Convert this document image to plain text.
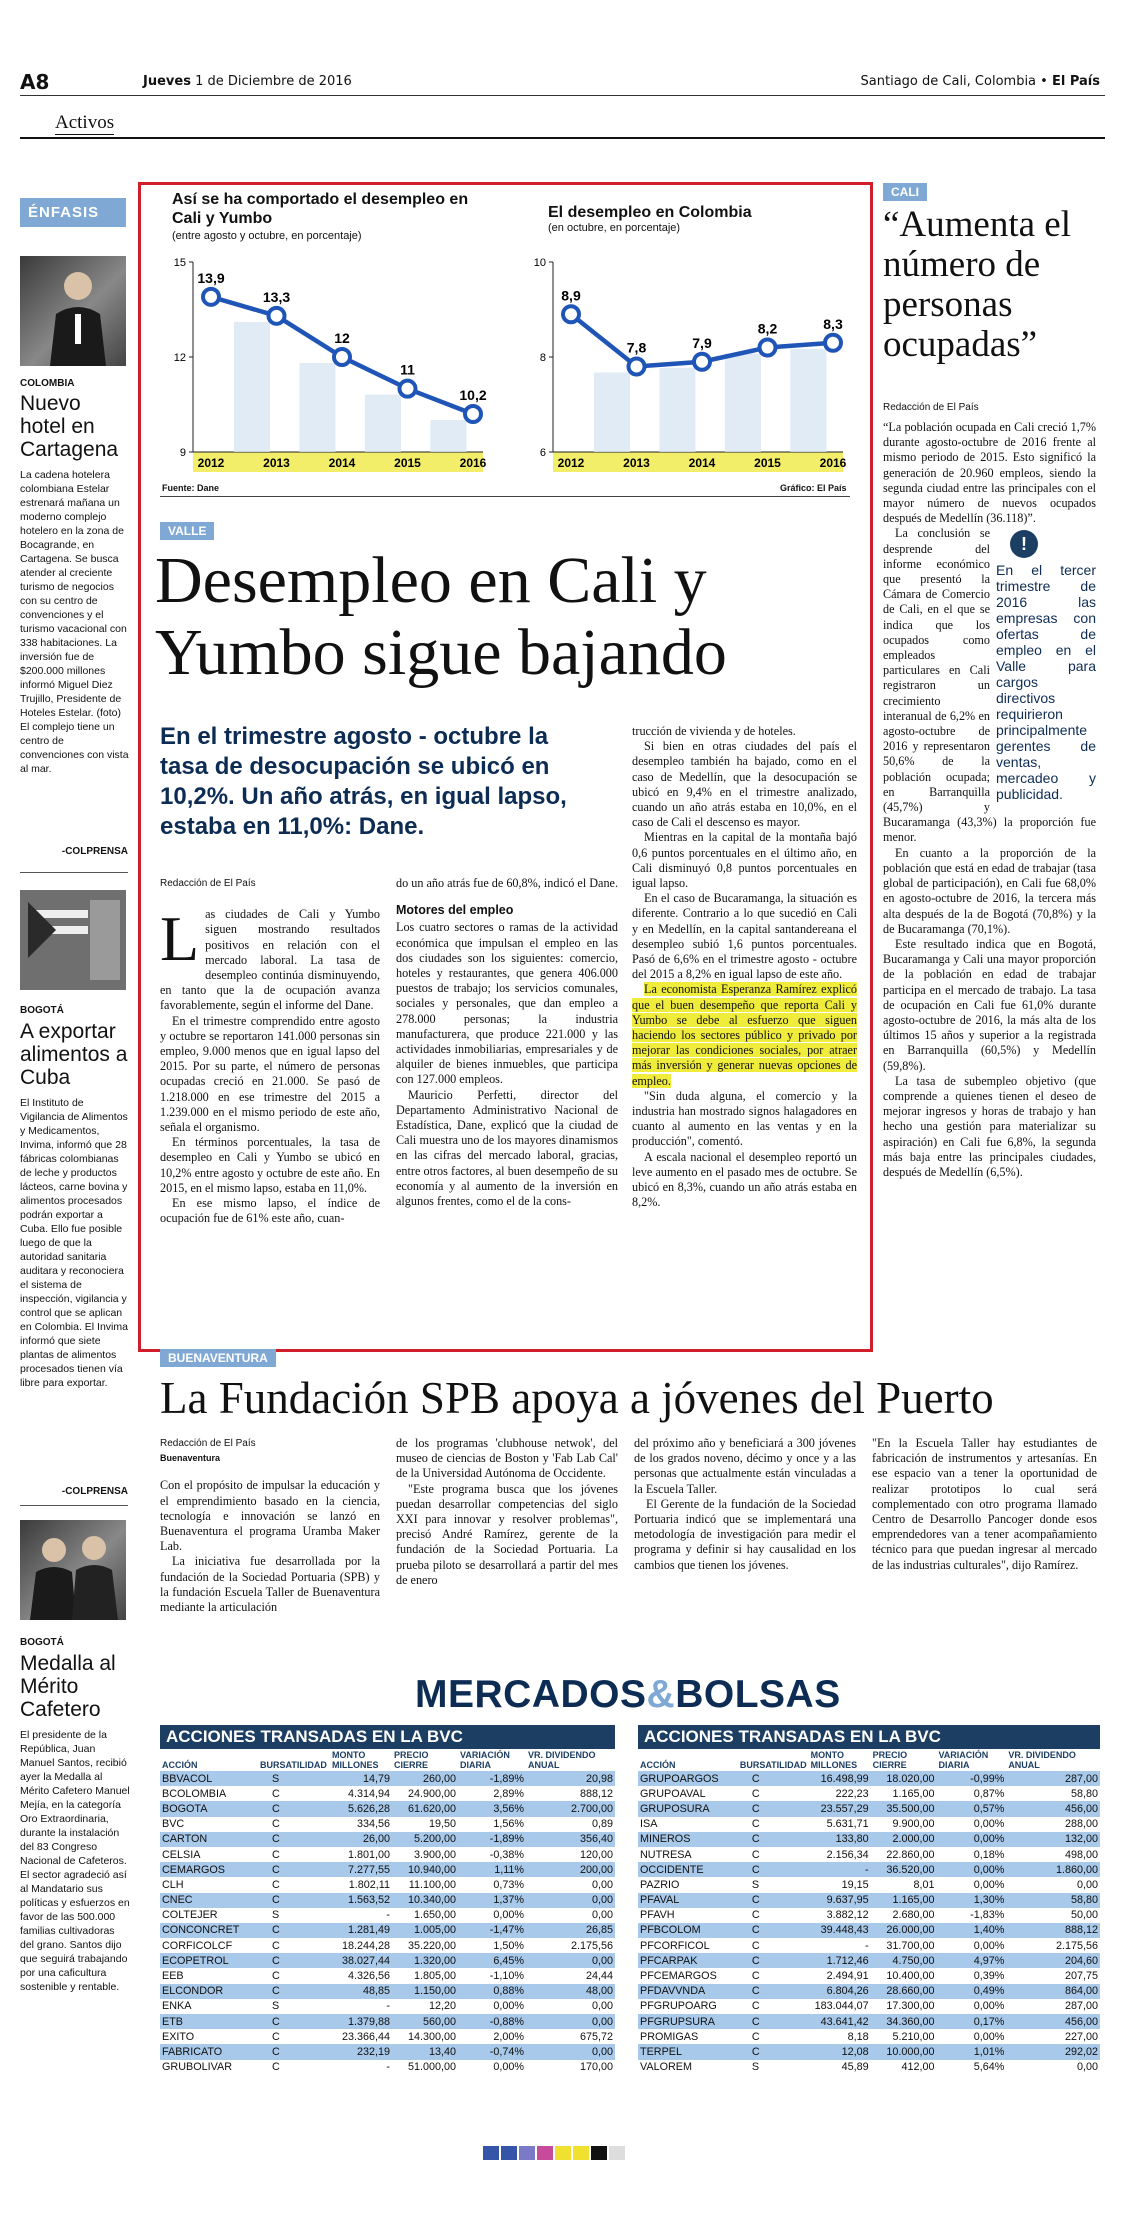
A8	Jueves 1 de Diciembre de 2016	Santiago de Cali, Colombia • El País
Activos
ÉNFASIS
COLOMBIA
Nuevo hotel en Cartagena
La cadena hotelera colombiana Estelar estrenará mañana un moderno complejo hotelero en la zona de Bocagrande, en Cartagena. Se busca atender al creciente turismo de negocios con su centro de convenciones y el turismo vacacional con 338 habitaciones. La inversión fue de $200.000 millones informó Miguel Diez Trujillo, Presidente de Hoteles Estelar. (foto) El complejo tiene un centro de convenciones con vista al mar.
-COLPRENSA
BOGOTÁ
A exportar alimentos a Cuba
El Instituto de Vigilancia de Alimentos y Medicamentos, Invima, informó que 28 fábricas colombianas de leche y productos lácteos, carne bovina y alimentos procesados podrán exportar a Cuba. Ello fue posible luego de que la autoridad sanitaria auditara y reconociera el sistema de inspección, vigilancia y control que se aplican en Colombia. El Invima informó que siete plantas de alimentos procesados tienen vía libre para exportar.
-COLPRENSA
BOGOTÁ
Medalla al Mérito Cafetero
El presidente de la República, Juan Manuel Santos, recibió ayer la Medalla al Mérito Cafetero Manuel Mejía, en la categoría Oro Extraordinaria, durante la instalación del 83 Congreso Nacional de Cafeteros. El sector agradeció así al Mandatario sus políticas y esfuerzos en favor de las 500.000 familias cultivadoras del grano. Santos dijo que seguirá trabajando por una caficultura sostenible y rentable.
Así se ha comportado el desempleo en Cali y Yumbo
(entre agosto y octubre, en porcentaje)
El desempleo en Colombia
(en octubre, en porcentaje)
15
12
9
13,9
2012
13,3
2013
12
2014
11
2015
10,2
2016
10
8
6
8,9
2012
7,8
2013
7,9
2014
8,2
2015
8,3
2016
Fuente: Dane	Gráfico: El País
VALLE
Desempleo en Cali y Yumbo sigue bajando
En el trimestre agosto - octubre la tasa de desocupación se ubicó en 10,2%. Un año atrás, en igual lapso, estaba en 11,0%: Dane.
Redacción de El País

Las ciudades de Cali y Yumbo siguen mostrando resultados positivos en relación con el mercado laboral. La tasa de desempleo continúa disminuyendo, en tanto que la de ocupación avanza favorablemente, según el informe del Dane.

En el trimestre comprendido entre agosto y octubre se reportaron 141.000 personas sin empleo, 9.000 menos que en igual lapso del 2015. Por su parte, el número de personas ocupadas creció en 21.000. Se pasó de 1.218.000 en ese trimestre del 2015 a 1.239.000 en el mismo periodo de este año, señala el organismo.

En términos porcentuales, la tasa de desempleo en Cali y Yumbo se ubicó en 10,2% entre agosto y octubre de este año. En 2015, en el mismo lapso, estaba en 11,0%.

En ese mismo lapso, el índice de ocupación fue de 61% este año, cuan-

do un año atrás fue de 60,8%, indicó el Dane.

Motores del empleo

Los cuatro sectores o ramas de la actividad económica que impulsan el empleo en las dos ciudades son los siguientes: comercio, hoteles y restaurantes, que genera 406.000 puestos de trabajo; los servicios comunales, sociales y personales, que dan empleo a 278.000 personas; la industria manufacturera, que produce 221.000 y las actividades inmobiliarias, empresariales y de alquiler de bienes inmuebles, que participa con 127.000 empleos.

Mauricio Perfetti, director del Departamento Administrativo Nacional de Estadística, Dane, explicó que la ciudad de Cali muestra uno de los mayores dinamismos en las cifras del mercado laboral, gracias, entre otros factores, al buen desempeño de su economía y al aumento de la inversión en algunos frentes, como el de la cons-

trucción de vivienda y de hoteles.

Si bien en otras ciudades del país el desempleo también ha bajado, como en el caso de Medellín, que la desocupación se ubicó en 9,4% en el trimestre analizado, cuando un año atrás estaba en 10,0%, en el caso de Cali el descenso es mayor.

Mientras en la capital de la montaña bajó 0,6 puntos porcentuales en el último año, en Cali disminuyó 0,8 puntos porcentuales en igual lapso.

En el caso de Bucaramanga, la situación es diferente. Contrario a lo que sucedió en Cali y en Medellín, en la capital santandereana el desempleo subió 1,6 puntos porcentuales. Pasó de 6,6% en el trimestre agosto - octubre del 2015 a 8,2% en igual lapso de este año.

La economista Esperanza Ramírez explicó que el buen desempeño que reporta Cali y Yumbo se debe al esfuerzo que siguen haciendo los sectores público y privado por mejorar las condiciones sociales, por atraer más inversión y generar nuevas opciones de empleo.

"Sin duda alguna, el comercio y la industria han mostrado signos halagadores en cuanto al aumento en las ventas y en la producción", comentó.

A escala nacional el desempleo reportó un leve aumento en el pasado mes de octubre. Se ubicó en 8,3%, cuando un año atrás estaba en 8,2%.

CALI
“Aumenta el número de personas ocupadas”
Redacción de El País

“La población ocupada en Cali creció 1,7% durante agosto-octubre de 2016 frente al mismo periodo de 2015. Esto significó la generación de 20.960 empleos, siendo la segunda ciudad entre las principales con el mayor número de nuevos ocupados después de Medellín (36.118)”.

!
En el tercer trimestre de 2016 las empresas con ofertas de empleo en el Valle para cargos directivos requirieron principalmente gerentes de ventas, mercadeo y publicidad.

La conclusión se desprende del informe económico que presentó la Cámara de Comercio de Cali, en el que se indica que los ocupados como empleados particulares en Cali registraron un crecimiento interanual de 6,2% en agosto-octubre de 2016 y representaron 50,6% de la población ocupada; en Barranquilla (45,7%) y Bucaramanga (43,3%) la proporción fue menor.

En cuanto a la proporción de la población que está en edad de trabajar (tasa global de participación), en Cali fue 68,0% en agosto-octubre de 2016, la tercera más alta después de la de Bogotá (70,8%) y la de Bucaramanga (70,1%).

Este resultado indica que en Bogotá, Bucaramanga y Cali una mayor proporción de la población en edad de trabajar participa en el mercado de trabajo. La tasa de ocupación en Cali fue 61,0% durante agosto-octubre de 2016, la más alta de los últimos 15 años y superior a la registrada en Barranquilla (60,5%) y Medellín (59,8%).

La tasa de subempleo objetivo (que comprende a quienes tienen el deseo de mejorar ingresos y horas de trabajo y han hecho una gestión para materializar su aspiración) en Cali fue 6,8%, la segunda más baja entre las principales ciudades, después de Medellín (6,5%).

BUENAVENTURA
La Fundación SPB apoya a jóvenes del Puerto
Redacción de El País
Buenaventura

Con el propósito de impulsar la educación y el emprendimiento basado en la ciencia, tecnología e innovación se lanzó en Buenaventura el programa Uramba Maker Lab.

La iniciativa fue desarrollada por la fundación de la Sociedad Portuaria (SPB) y la fundación Escuela Taller de Buenaventura mediante la articulación

de los programas 'clubhouse netwok', del museo de ciencias de Boston y 'Fab Lab Cal' de la Universidad Autónoma de Occidente.

"Este programa busca que los jóvenes puedan desarrollar competencias del siglo XXI para innovar y resolver problemas", precisó André Ramírez, gerente de la fundación de la Sociedad Portuaria. La prueba piloto se desarrollará a partir del mes de enero

del próximo año y beneficiará a 300 jóvenes de los grados noveno, décimo y once y a las personas que actualmente están vinculadas a la Escuela Taller.

El Gerente de la fundación de la Sociedad Portuaria indicó que se implementará una metodología de investigación para medir el programa y definir si hay causalidad en los cambios que tienen los jóvenes.

"En la Escuela Taller hay estudiantes de fabricación de instrumentos y artesanías. En ese espacio van a tener la oportunidad de realizar prototipos lo cual será complementado con otro programa llamado Centro de Desarrollo Pancoger donde esos emprendedores van a tener acompañamiento técnico para que puedan ingresar al mercado de las industrias culturales", dijo Ramírez.

MERCADOS&BOLSAS
ACCIONES TRANSADAS EN LA BVC
ACCIÓN	BURSATILIDAD	MONTO MILLONES	PRECIO CIERRE	VARIACIÓN DIARIA	VR. DIVIDENDO ANUAL
BBVACOL	S	14,79	260,00	-1,89%	20,98
BCOLOMBIA	C	4.314,94	24.900,00	2,89%	888,12
BOGOTA	C	5.626,28	61.620,00	3,56%	2.700,00
BVC	C	334,56	19,50	1,56%	0,89
CARTON	C	26,00	5.200,00	-1,89%	356,40
CELSIA	C	1.801,00	3.900,00	-0,38%	120,00
CEMARGOS	C	7.277,55	10.940,00	1,11%	200,00
CLH	C	1.802,11	11.100,00	0,73%	0,00
CNEC	C	1.563,52	10.340,00	1,37%	0,00
COLTEJER	S	-	1.650,00	0,00%	0,00
CONCONCRET	C	1.281,49	1.005,00	-1,47%	26,85
CORFICOLCF	C	18.244,28	35.220,00	1,50%	2.175,56
ECOPETROL	C	38.027,44	1.320,00	6,45%	0,00
EEB	C	4.326,56	1.805,00	-1,10%	24,44
ELCONDOR	C	48,85	1.150,00	0,88%	48,00
ENKA	S	-	12,20	0,00%	0,00
ETB	C	1.379,88	560,00	-0,88%	0,00
EXITO	C	23.366,44	14.300,00	2,00%	675,72
FABRICATO	C	232,19	13,40	-0,74%	0,00
GRUBOLIVAR	C	-	51.000,00	0,00%	170,00
ACCIONES TRANSADAS EN LA BVC
ACCIÓN	BURSATILIDAD	MONTO MILLONES	PRECIO CIERRE	VARIACIÓN DIARIA	VR. DIVIDENDO ANUAL
GRUPOARGOS	C	16.498,99	18.020,00	-0,99%	287,00
GRUPOAVAL	C	222,23	1.165,00	0,87%	58,80
GRUPOSURA	C	23.557,29	35.500,00	0,57%	456,00
ISA	C	5.631,71	9.900,00	0,00%	288,00
MINEROS	C	133,80	2.000,00	0,00%	132,00
NUTRESA	C	2.156,34	22.860,00	0,18%	498,00
OCCIDENTE	C	-	36.520,00	0,00%	1.860,00
PAZRIO	S	19,15	8,01	0,00%	0,00
PFAVAL	C	9.637,95	1.165,00	1,30%	58,80
PFAVH	C	3.882,12	2.680,00	-1,83%	50,00
PFBCOLOM	C	39.448,43	26.000,00	1,40%	888,12
PFCORFICOL	C	-	31.700,00	0,00%	2.175,56
PFCARPAK	C	1.712,46	4.750,00	4,97%	204,60
PFCEMARGOS	C	2.494,91	10.400,00	0,39%	207,75
PFDAVVNDA	C	6.804,26	28.660,00	0,49%	864,00
PFGRUPOARG	C	183.044,07	17.300,00	0,00%	287,00
PFGRUPSURA	C	43.641,42	34.360,00	0,17%	456,00
PROMIGAS	C	8,18	5.210,00	0,00%	227,00
TERPEL	C	12,08	10.000,00	1,01%	292,02
VALOREM	S	45,89	412,00	5,64%	0,00
